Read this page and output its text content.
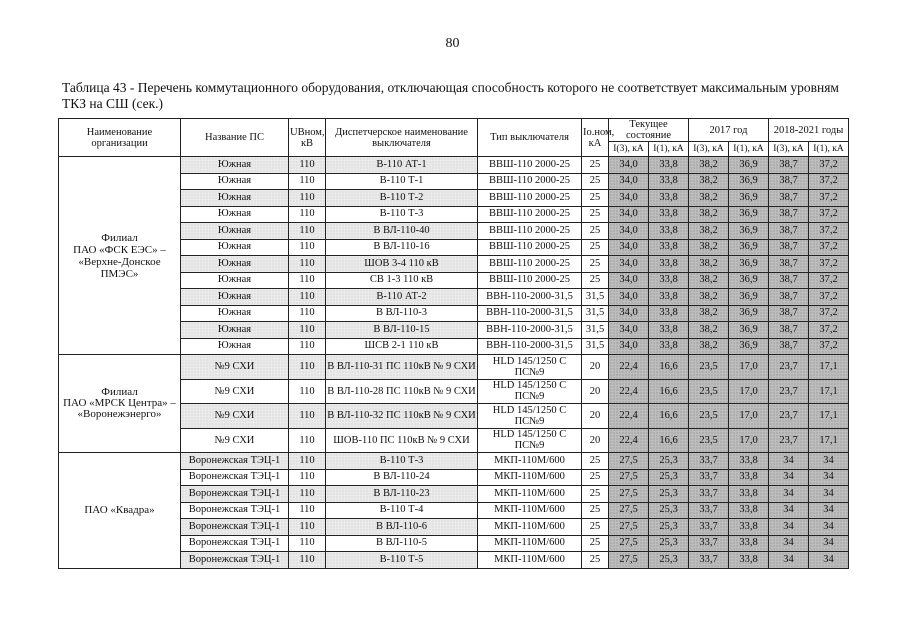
80
Таблица 43 - Перечень коммутационного оборудования, отключающая способность которого не соответствует максимальным уровням ТКЗ на СШ (сек.)
Наименование организации	Название ПС	UВном, кВ	Диспетчерское наименование выключателя	Тип выключателя	Iо.ном, кА	Текущее состояние		2017 год		2018-2021 годы	
						I(3), кА	I(1), кА	I(3), кА	I(1), кА	I(3), кА	I(1), кА

Филиал
ПАО «ФСК ЕЭС» –
«Верхне-Донское
ПМЭС»	Южная	110	В-110 АТ-1	ВВШ-110 2000-25	25	34,0	33,8	38,2	36,9	38,7	37,2
	Южная	110	В-110 Т-1	ВВШ-110 2000-25	25	34,0	33,8	38,2	36,9	38,7	37,2
	Южная	110	В-110 Т-2	ВВШ-110 2000-25	25	34,0	33,8	38,2	36,9	38,7	37,2
	Южная	110	В-110 Т-3	ВВШ-110 2000-25	25	34,0	33,8	38,2	36,9	38,7	37,2
	Южная	110	В ВЛ-110-40	ВВШ-110 2000-25	25	34,0	33,8	38,2	36,9	38,7	37,2
	Южная	110	В ВЛ-110-16	ВВШ-110 2000-25	25	34,0	33,8	38,2	36,9	38,7	37,2
	Южная	110	ШОВ 3-4 110 кВ	ВВШ-110 2000-25	25	34,0	33,8	38,2	36,9	38,7	37,2
	Южная	110	СВ 1-3 110 кВ	ВВШ-110 2000-25	25	34,0	33,8	38,2	36,9	38,7	37,2
	Южная	110	В-110 АТ-2	ВВН-110-2000-31,5	31,5	34,0	33,8	38,2	36,9	38,7	37,2
	Южная	110	В ВЛ-110-3	ВВН-110-2000-31,5	31,5	34,0	33,8	38,2	36,9	38,7	37,2
	Южная	110	В ВЛ-110-15	ВВН-110-2000-31,5	31,5	34,0	33,8	38,2	36,9	38,7	37,2
	Южная	110	ШСВ 2-1 110 кВ	ВВН-110-2000-31,5	31,5	34,0	33,8	38,2	36,9	38,7	37,2

Филиал
ПАО «МРСК Центра» –
«Воронежэнерго»	№9 СХИ	110	В ВЛ-110-31 ПС 110кВ № 9 СХИ	HLD 145/1250 С ПС№9	20	22,4	16,6	23,5	17,0	23,7	17,1
	№9 СХИ	110	В ВЛ-110-28 ПС 110кВ № 9 СХИ	HLD 145/1250 С ПС№9	20	22,4	16,6	23,5	17,0	23,7	17,1
	№9 СХИ	110	В ВЛ-110-32 ПС 110кВ № 9 СХИ	HLD 145/1250 С ПС№9	20	22,4	16,6	23,5	17,0	23,7	17,1
	№9 СХИ	110	ШОВ-110 ПС 110кВ № 9 СХИ	HLD 145/1250 С ПС№9	20	22,4	16,6	23,5	17,0	23,7	17,1

ПАО «Квадра»	Воронежская ТЭЦ-1	110	В-110 Т-3	МКП-110М/600	25	27,5	25,3	33,7	33,8	34	34
	Воронежская ТЭЦ-1	110	В ВЛ-110-24	МКП-110М/600	25	27,5	25,3	33,7	33,8	34	34
	Воронежская ТЭЦ-1	110	В ВЛ-110-23	МКП-110М/600	25	27,5	25,3	33,7	33,8	34	34
	Воронежская ТЭЦ-1	110	В-110 Т-4	МКП-110М/600	25	27,5	25,3	33,7	33,8	34	34
	Воронежская ТЭЦ-1	110	В ВЛ-110-6	МКП-110М/600	25	27,5	25,3	33,7	33,8	34	34
	Воронежская ТЭЦ-1	110	В ВЛ-110-5	МКП-110М/600	25	27,5	25,3	33,7	33,8	34	34
	Воронежская ТЭЦ-1	110	В-110 Т-5	МКП-110М/600	25	27,5	25,3	33,7	33,8	34	34
